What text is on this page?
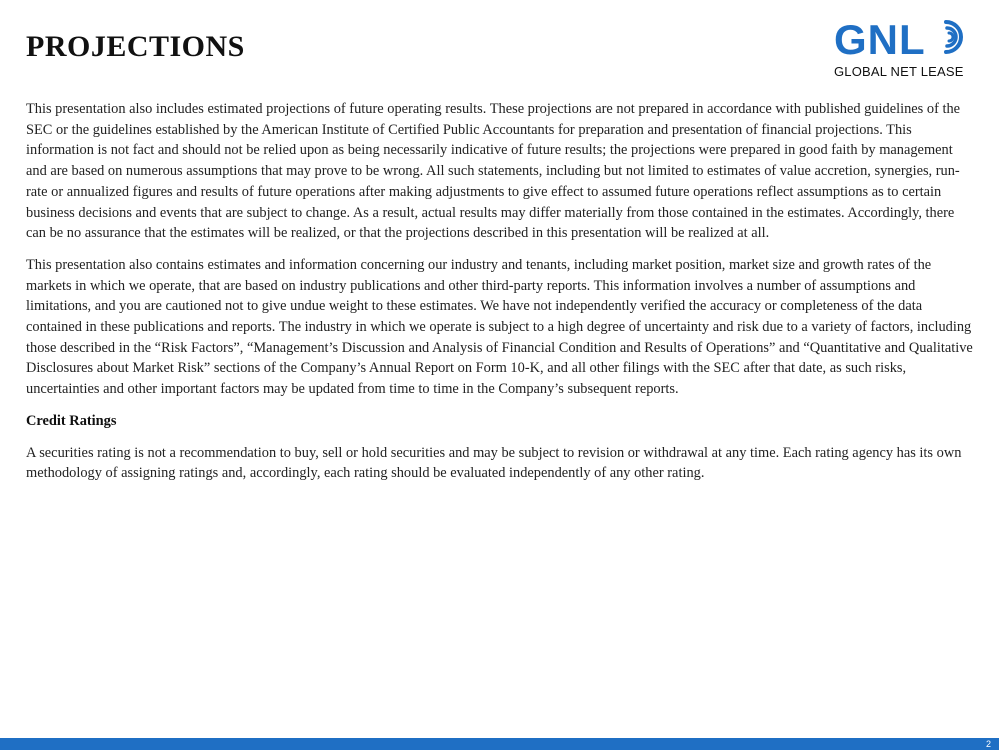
PROJECTIONS	GNL
GLOBAL NET LEASE

This presentation also includes estimated projections of future operating results. These projections are not prepared in accordance with published guidelines of the SEC or the guidelines established by the American Institute of Certified Public Accountants for preparation and presentation of financial projections. This information is not fact and should not be relied upon as being necessarily indicative of future results; the projections were prepared in good faith by management and are based on numerous assumptions that may prove to be wrong. All such statements, including but not limited to estimates of value accretion, synergies, run-rate or annualized figures and results of future operations after making adjustments to give effect to assumed future operations reflect assumptions as to certain business decisions and events that are subject to change. As a result, actual results may differ materially from those contained in the estimates. Accordingly, there can be no assurance that the estimates will be realized, or that the projections described in this presentation will be realized at all.

This presentation also contains estimates and information concerning our industry and tenants, including market position, market size and growth rates of the markets in which we operate, that are based on industry publications and other third-party reports. This information involves a number of assumptions and limitations, and you are cautioned not to give undue weight to these estimates. We have not independently verified the accuracy or completeness of the data contained in these publications and reports. The industry in which we operate is subject to a high degree of uncertainty and risk due to a variety of factors, including those described in the “Risk Factors”, “Management’s Discussion and Analysis of Financial Condition and Results of Operations” and “Quantitative and Qualitative Disclosures about Market Risk” sections of the Company’s Annual Report on Form 10-K, and all other filings with the SEC after that date, as such risks, uncertainties and other important factors may be updated from time to time in the Company’s subsequent reports.

Credit Ratings

A securities rating is not a recommendation to buy, sell or hold securities and may be subject to revision or withdrawal at any time. Each rating agency has its own methodology of assigning ratings and, accordingly, each rating should be evaluated independently of any other rating.

2
